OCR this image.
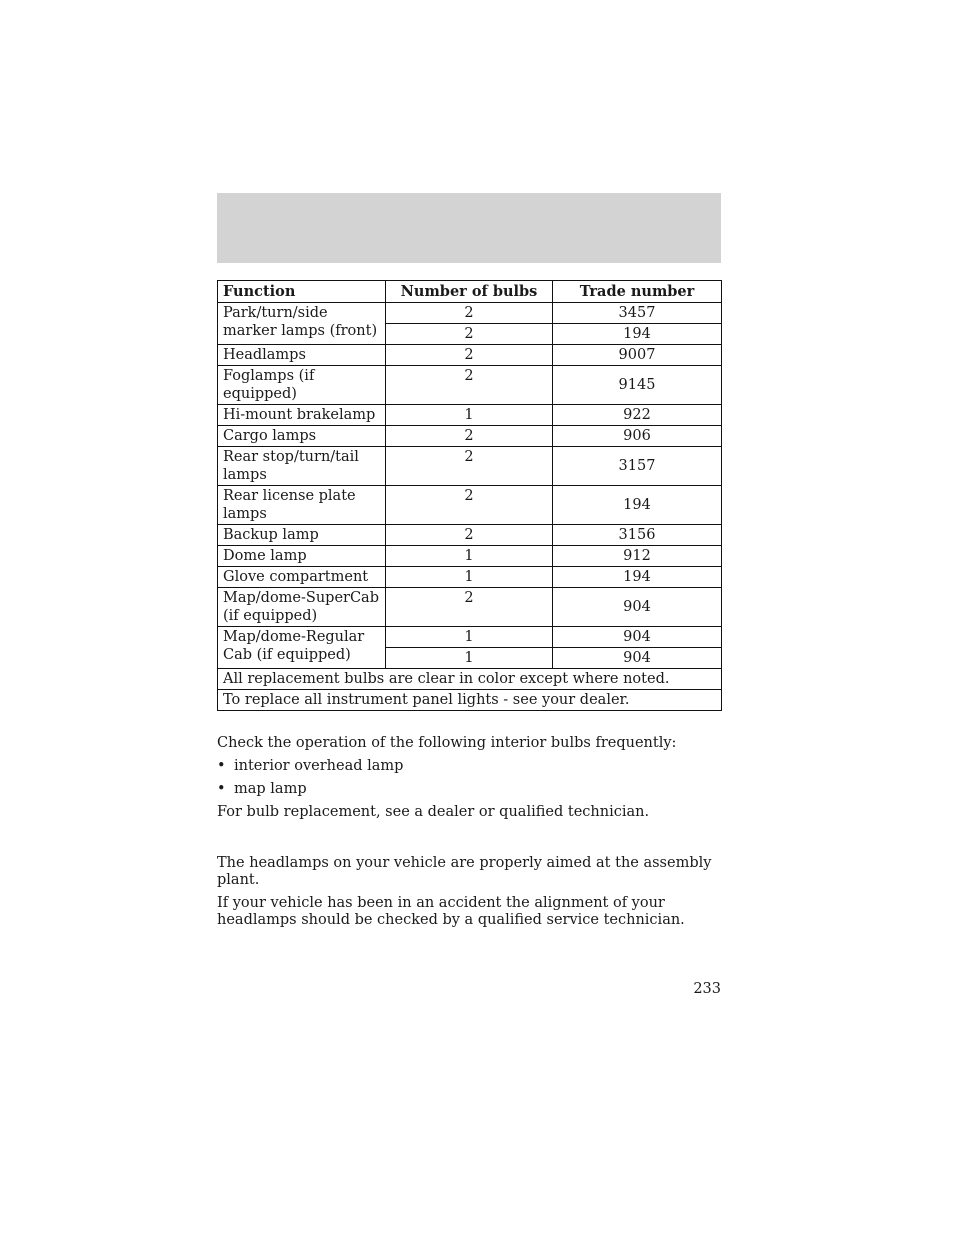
Function	Number of bulbs	Trade number
Park/turn/side marker lamps (front)	2	3457
	2	194
Headlamps	2	9007
Foglamps (if equipped)	2	9145
Hi-mount brakelamp	1	922
Cargo lamps	2	906
Rear stop/turn/tail lamps	2	3157
Rear license plate lamps	2	194
Backup lamp	2	3156
Dome lamp	1	912
Glove compartment	1	194
Map/dome-SuperCab (if equipped)	2	904
Map/dome-Regular Cab (if equipped)	1	904
	1	904
All replacement bulbs are clear in color except where noted.		
To replace all instrument panel lights - see your dealer.		

Check the operation of the following interior bulbs frequently:

• interior overhead lamp
• map lamp

For bulb replacement, see a dealer or qualified technician.

The headlamps on your vehicle are properly aimed at the assembly plant.

If your vehicle has been in an accident the alignment of your headlamps should be checked by a qualified service technician.

233
